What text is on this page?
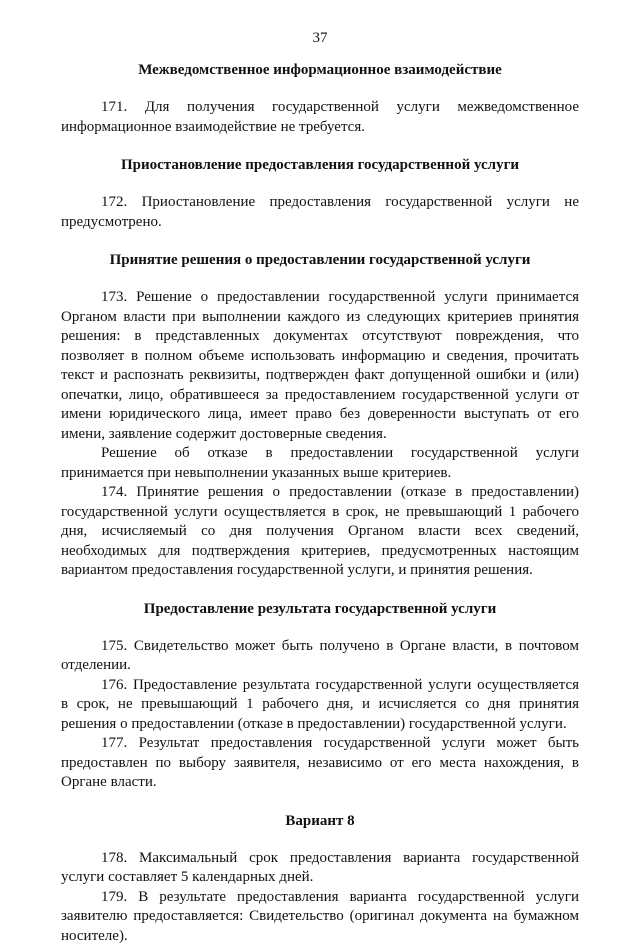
37
Межведомственное информационное взаимодействие

171. Для получения государственной услуги межведомственное информационное взаимодействие не требуется.

Приостановление предоставления государственной услуги

172. Приостановление предоставления государственной услуги не предусмотрено.

Принятие решения о предоставлении государственной услуги

173. Решение о предоставлении государственной услуги принимается Органом власти при выполнении каждого из следующих критериев принятия решения: в представленных документах отсутствуют повреждения, что позволяет в полном объеме использовать информацию и сведения, прочитать текст и распознать реквизиты, подтвержден факт допущенной ошибки и (или) опечатки, лицо, обратившееся за предоставлением государственной услуги от имени юридического лица, имеет право без доверенности выступать от его имени, заявление содержит достоверные сведения.

Решение об отказе в предоставлении государственной услуги принимается при невыполнении указанных выше критериев.

174. Принятие решения о предоставлении (отказе в предоставлении) государственной услуги осуществляется в срок, не превышающий 1 рабочего дня, исчисляемый со дня получения Органом власти всех сведений, необходимых для подтверждения критериев, предусмотренных настоящим вариантом предоставления государственной услуги, и принятия решения.

Предоставление результата государственной услуги

175. Свидетельство может быть получено в Органе власти, в почтовом отделении.

176. Предоставление результата государственной услуги осуществляется в срок, не превышающий 1 рабочего дня, и исчисляется со дня принятия решения о предоставлении (отказе в предоставлении) государственной услуги.

177. Результат предоставления государственной услуги может быть предоставлен по выбору заявителя, независимо от его места нахождения, в Органе власти.

Вариант 8

178. Максимальный срок предоставления варианта государственной услуги составляет 5 календарных дней.

179. В результате предоставления варианта государственной услуги заявителю предоставляется: Свидетельство (оригинал документа на бумажном носителе).
